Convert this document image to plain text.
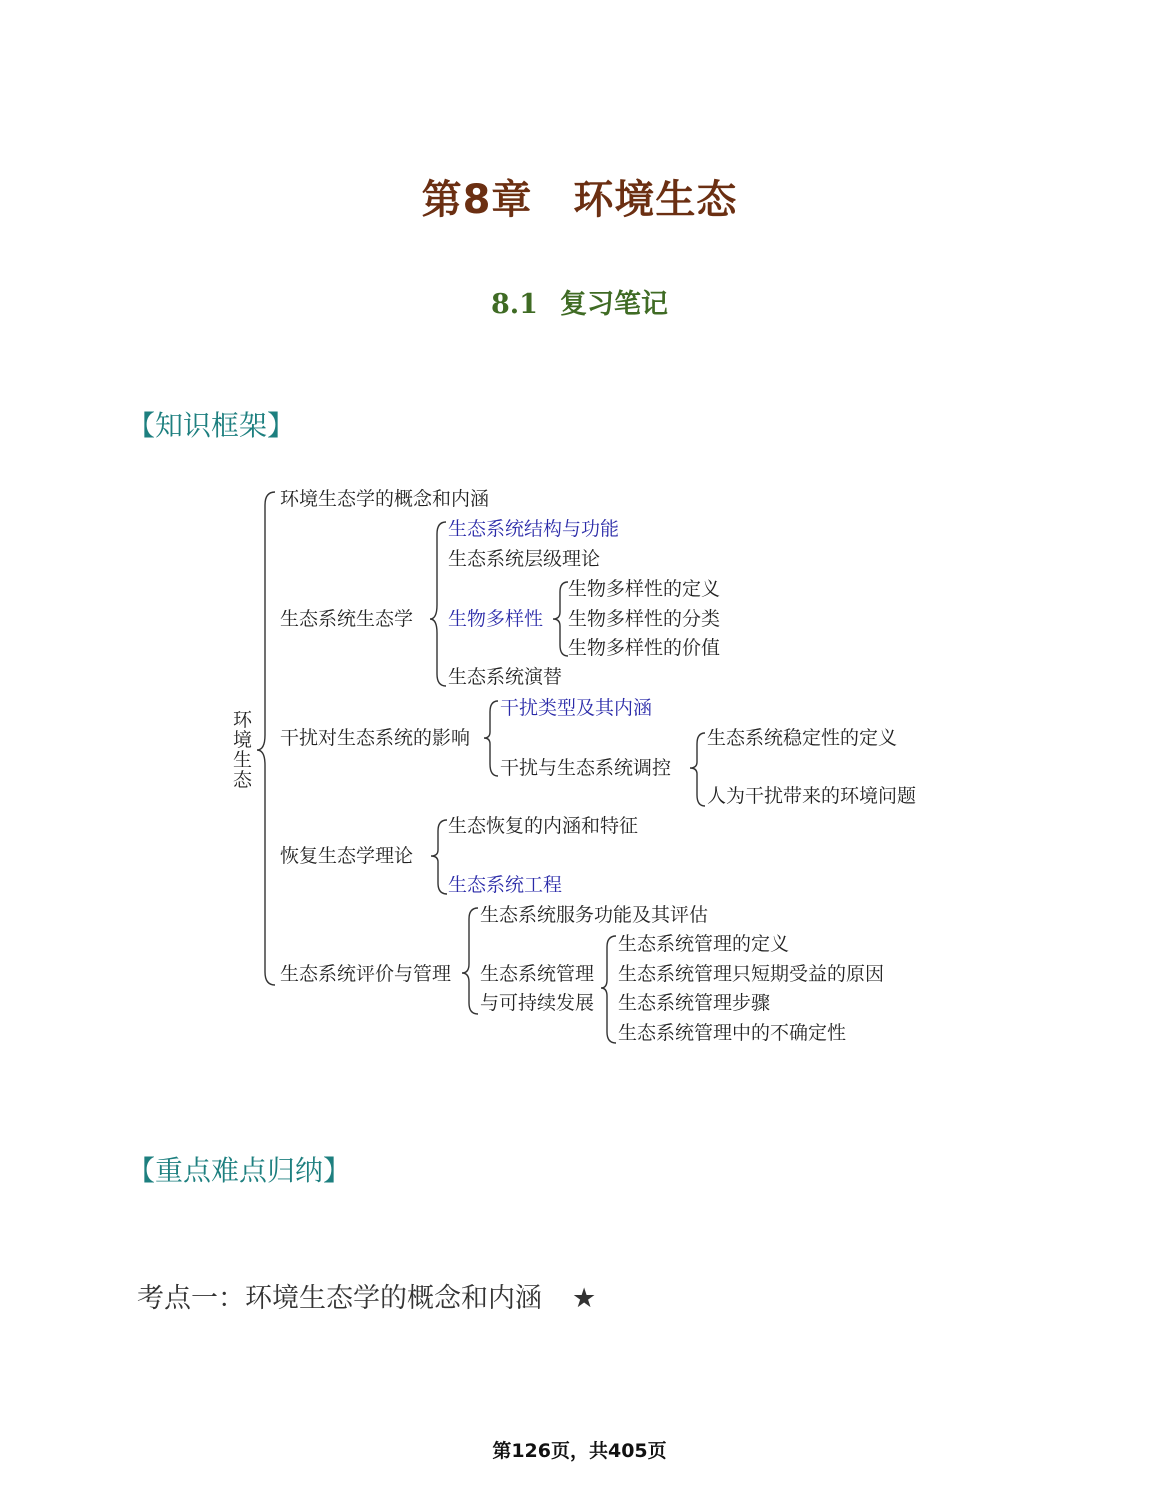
第8章　环境生态
8.1 复习笔记
【知识框架】
环境生态
环境生态学的概念和内涵
生态系统生态学
生态系统结构与功能
生态系统层级理论
生物多样性
生物多样性的定义
生物多样性的分类
生物多样性的价值
生态系统演替
干扰对生态系统的影响
干扰类型及其内涵
干扰与生态系统调控
生态系统稳定性的定义
人为干扰带来的环境问题
恢复生态学理论
生态恢复的内涵和特征
生态系统工程
生态系统评价与管理
生态系统服务功能及其评估
生态系统管理
与可持续发展
生态系统管理的定义
生态系统管理只短期受益的原因
生态系统管理步骤
生态系统管理中的不确定性
【重点难点归纳】
考点一：环境生态学的概念和内涵 ★
第126页，共405页
